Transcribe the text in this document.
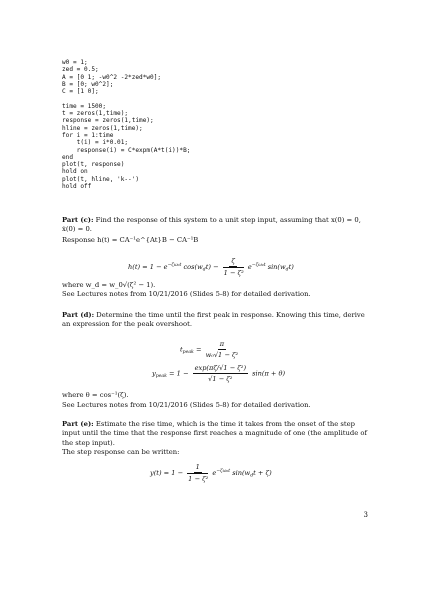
w0 = 1;
zed = 0.5;
A = [0 1; -w0^2 -2*zed*w0];
B = [0; w0^2];
C = [1 0];
time = 1500;
t = zeros(1,time);
response = zeros(1,time);
hline = zeros(1,time);
for i = 1:time
t(i) = i*0.01;
response(i) = C*expm(A*t(i))*B;
end
plot(t, response)
hold on
plot(t, hline, 'k--')
hold off
Part (c): Find the response of this system to a unit step input, assuming that x(0) = 0, ẋ(0) = 0.
Response h(t) = CA⁻¹e^{At}B − CA⁻¹B
$h(t) = 1 - e^{-\zeta\omega_0t}$ $\cos(w_dt) - \frac{\zeta}{\text{1 − ζ²}} e^{-\zeta\omega_0t}$ $\sin(w_dt)$
where w_d = w_0√(ζ² − 1).
See Lectures notes from 10/21/2016 (Slides 5-8) for detailed derivation.
Part (d): Determine the time until the first peak in response. Knowing this time, derive an expression for the peak overshoot.
$t_{peak} = \frac{\pi}{\text{w₀√1 − ζ²}}$
$y_{peak} = 1 - \frac{\text{exp(πζ/√1 − ζ²)}}{\text{√1 − ζ²}} \sin(\pi + \theta)$
where θ = cos⁻¹(ζ).
See Lectures notes from 10/21/2016 (Slides 5-8) for detailed derivation.
Part (e): Estimate the rise time, which is the time it takes from the onset of the step input until the time that the response first reaches a magnitude of one (the amplitude of the step input).
The step response can be written:
$y(t) = 1 - \frac{1}{\text{1 − ζ²}} e^{-\zeta\omega_0t}$ $\sin(w_dt + \zeta)$
3
